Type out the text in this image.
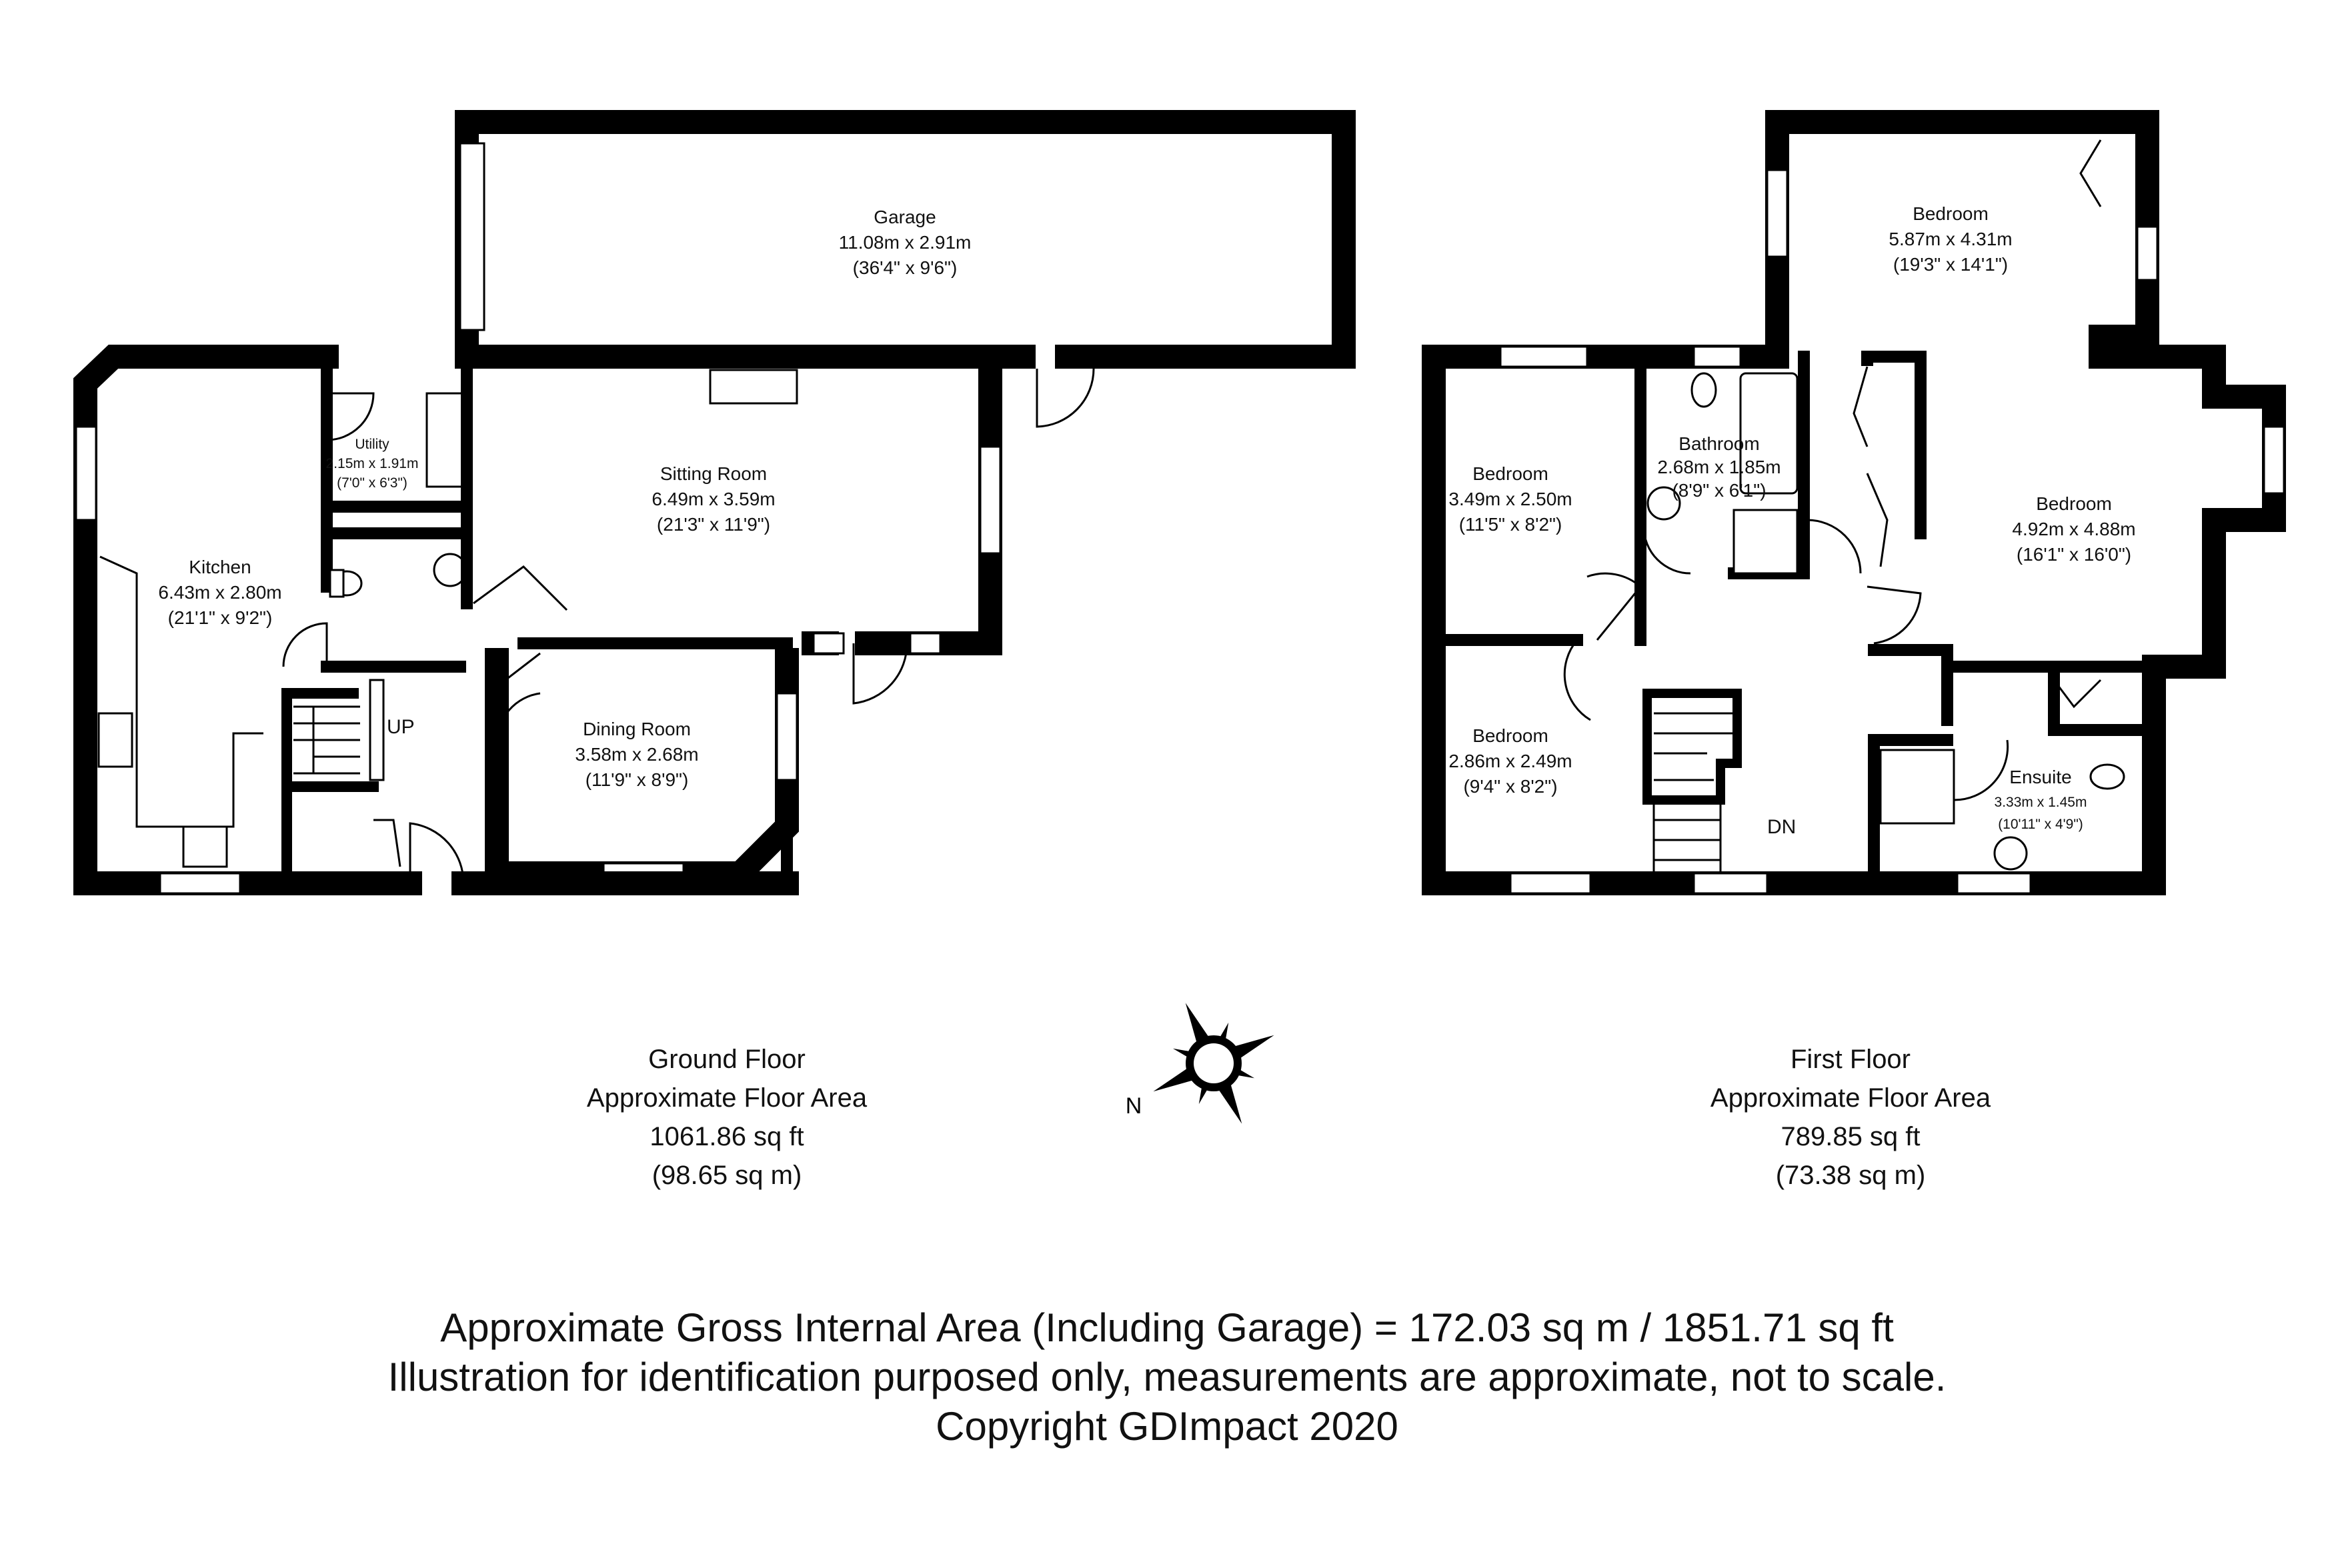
Garage
11.08m x 2.91m
(36'4" x 9'6")
Utility
2.15m x 1.91m
(7'0" x 6'3")	Sitting Room
6.49m x 3.59m
(21'3" x 11'9")
Kitchen
6.43m x 2.80m
(21'1" x 9'2")
Dining Room
3.58m x 2.68m
(11'9" x 8'9")
UP
Bedroom
5.87m x 4.31m
(19'3" x 14'1")
Bedroom
3.49m x 2.50m
(11'5" x 8'2")
Bathroom
2.68m x 1.85m
(8'9" x 6'1")
Bedroom
4.92m x 4.88m
(16'1" x 16'0")
Bedroom
2.86m x 2.49m
(9'4" x 8'2")	Ensuite
3.33m x 1.45m
(10'11" x 4'9")
DN
N
Ground Floor
Approximate Floor Area
1061.86 sq ft
(98.65 sq m)
First Floor
Approximate Floor Area
789.85 sq ft
(73.38 sq m)
Approximate Gross Internal Area (Including Garage) = 172.03 sq m / 1851.71 sq ft
Illustration for identification purposed only, measurements are approximate, not to scale.
Copyright GDImpact 2020
